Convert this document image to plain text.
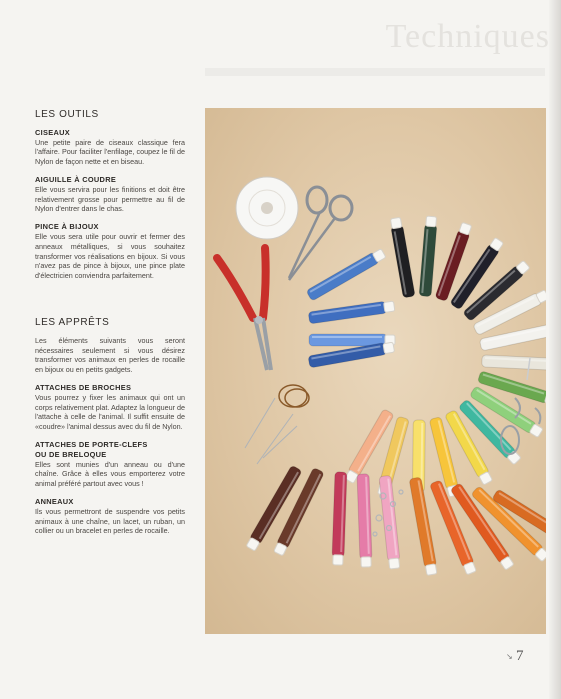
Techniques

LES OUTILS

CISEAUX

Une petite paire de ciseaux classique fera l'affaire. Pour faciliter l'enfilage, coupez le fil de Nylon de façon nette et en biseau.

AIGUILLE À COUDRE

Elle vous servira pour les finitions et doit être relativement grosse pour permettre au fil de Nylon d'entrer dans le chas.

PINCE À BIJOUX

Elle vous sera utile pour ouvrir et fermer des anneaux métalliques, si vous souhaitez transformer vos réalisations en bijoux. Si vous n'avez pas de pince à bijoux, une pince plate d'électricien conviendra parfaitement.

LES APPRÊTS

Les éléments suivants vous seront nécessaires seulement si vous désirez transformer vos animaux en perles de rocaille en bijoux ou en petits gadgets.

ATTACHES DE BROCHES

Vous pourrez y fixer les animaux qui ont un corps relativement plat. Adaptez la longueur de l'attache à celle de l'animal. Il suffit ensuite de «coudre» l'animal dessus avec du fil de Nylon.

ATTACHES DE PORTE-CLEFS
OU DE BRELOQUE

Elles sont munies d'un anneau ou d'une chaîne. Grâce à elles vous emporterez votre animal préféré partout avec vous !

ANNEAUX

Ils vous permettront de suspendre vos petits animaux à une chaîne, un lacet, un ruban, un collier ou un bracelet en perles de rocaille.

↘ 7
